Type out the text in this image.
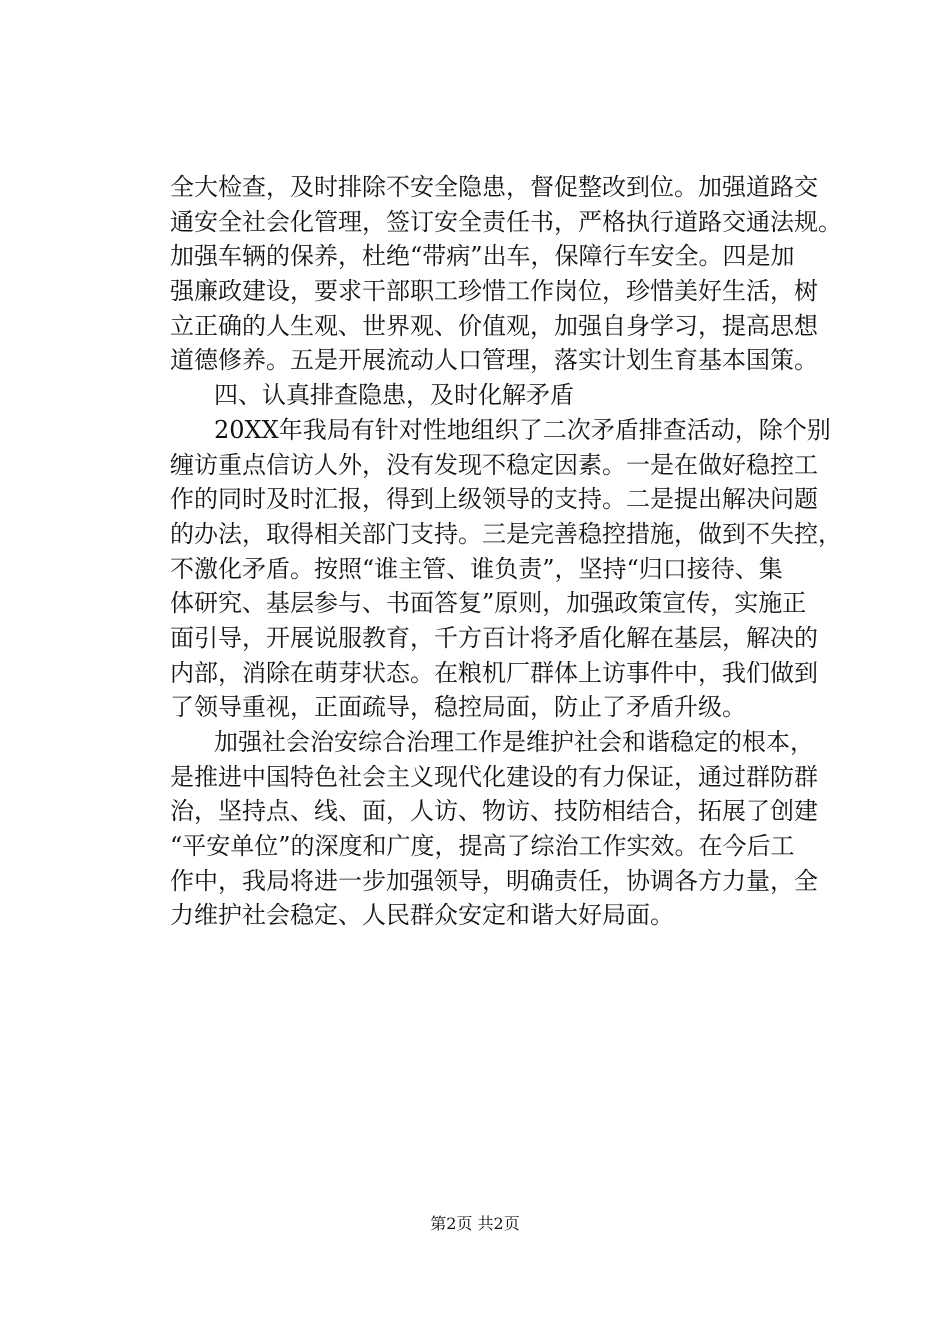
全大检查，及时排除不安全隐患，督促整改到位。加强道路交
通安全社会化管理，签订安全责任书，严格执行道路交通法规。
加强车辆的保养，杜绝“带病”出车，保障行车安全。四是加
强廉政建设，要求干部职工珍惜工作岗位，珍惜美好生活，树
立正确的人生观、世界观、价值观，加强自身学习，提高思想
道德修养。五是开展流动人口管理，落实计划生育基本国策。
四、认真排查隐患，及时化解矛盾
20XX年我局有针对性地组织了二次矛盾排查活动，除个别
缠访重点信访人外，没有发现不稳定因素。一是在做好稳控工
作的同时及时汇报，得到上级领导的支持。二是提出解决问题
的办法，取得相关部门支持。三是完善稳控措施，做到不失控，
不激化矛盾。按照“谁主管、谁负责”，坚持“归口接待、集
体研究、基层参与、书面答复”原则，加强政策宣传，实施正
面引导，开展说服教育，千方百计将矛盾化解在基层，解决的
内部，消除在萌芽状态。在粮机厂群体上访事件中，我们做到
了领导重视，正面疏导，稳控局面，防止了矛盾升级。
加强社会治安综合治理工作是维护社会和谐稳定的根本，
是推进中国特色社会主义现代化建设的有力保证，通过群防群
治，坚持点、线、面，人访、物访、技防相结合，拓展了创建
“平安单位”的深度和广度，提高了综治工作实效。在今后工
作中，我局将进一步加强领导，明确责任，协调各方力量，全
力维护社会稳定、人民群众安定和谐大好局面。
第2页 共2页
